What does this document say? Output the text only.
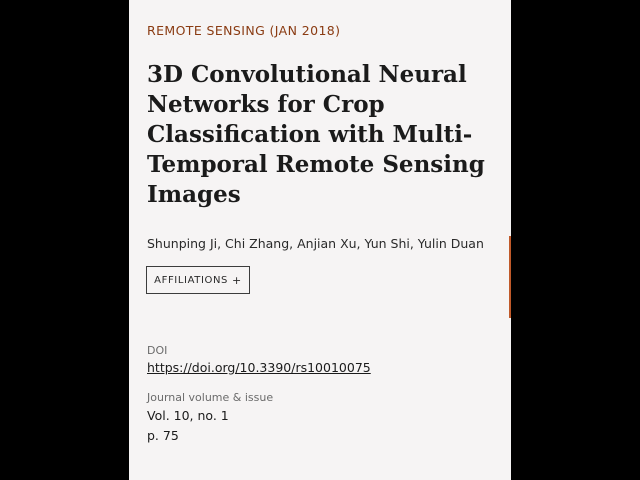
REMOTE SENSING (JAN 2018)
3D Convolutional Neural Networks for Crop Classification with Multi-Temporal Remote Sensing Images
Shunping Ji, Chi Zhang, Anjian Xu, Yun Shi, Yulin Duan
AFFILIATIONS +
DOI
https://doi.org/10.3390/rs10010075
Journal volume & issue
Vol. 10, no. 1
p. 75
